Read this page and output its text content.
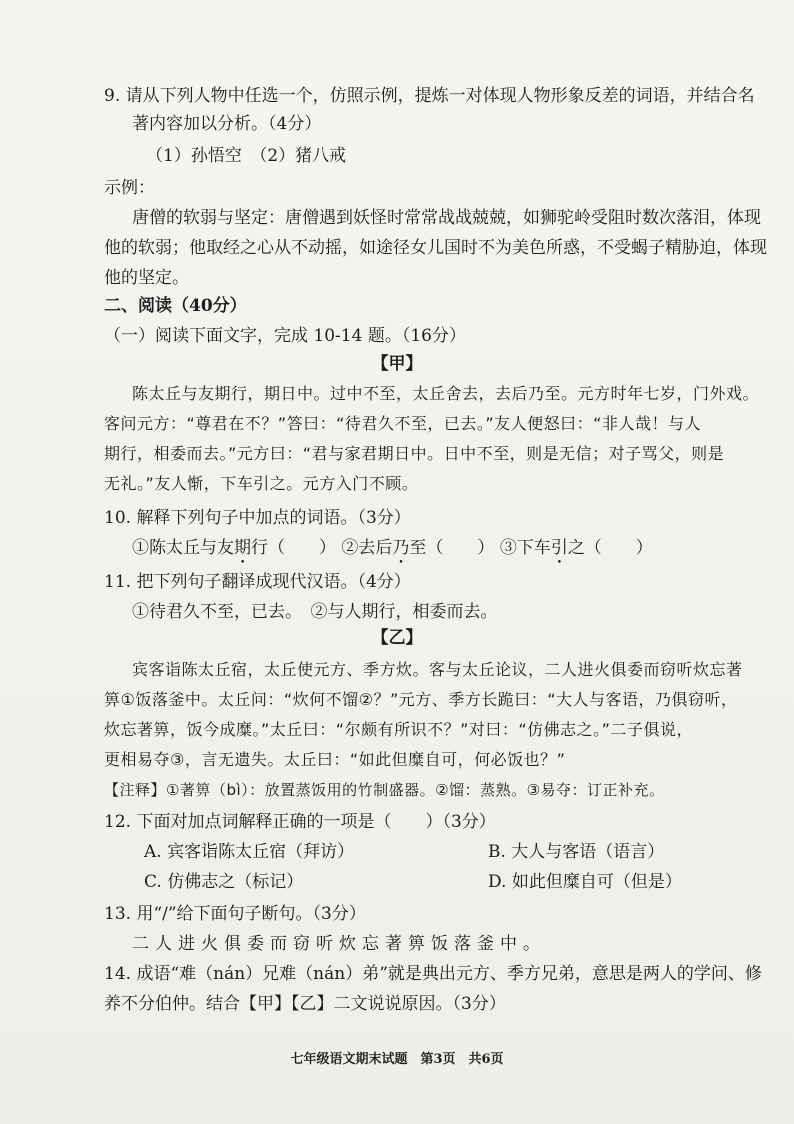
9. 请从下列人物中任选一个，仿照示例，提炼一对体现人物形象反差的词语，并结合名
著内容加以分析。（4分）
（1）孙悟空　（2）猪八戒
示例：
唐僧的软弱与坚定：唐僧遇到妖怪时常常战战兢兢，如狮驼岭受阻时数次落泪，体现
他的软弱；他取经之心从不动摇，如途径女儿国时不为美色所惑，不受蝎子精胁迫，体现
他的坚定。
二、阅读（40分）
（一）阅读下面文字，完成 10-14 题。（16分）
【甲】
陈太丘与友期行，期日中。过中不至，太丘舍去，去后乃至。元方时年七岁，门外戏。
客问元方：“尊君在不？”答曰：“待君久不至，已去。”友人便怒曰：“非人哉！与人
期行，相委而去。”元方曰：“君与家君期日中。日中不至，则是无信；对子骂父，则是
无礼。”友人惭，下车引之。元方入门不顾。
10. 解释下列句子中加点的词语。（3分）
①陈太丘与友期行（　　） ②去后乃至（　　） ③下车引之（　　）
11. 把下列句子翻译成现代汉语。（4分）
①待君久不至，已去。　②与人期行，相委而去。
【乙】
宾客诣陈太丘宿，太丘使元方、季方炊。客与太丘论议，二人进火俱委而窃听炊忘著
箅①饭落釜中。太丘问：“炊何不馏②？”元方、季方长跪曰：“大人与客语，乃俱窃听，
炊忘著箅，饭今成糜。”太丘曰：“尔颇有所识不？”对曰：“仿佛志之。”二子俱说，
更相易夺③，言无遗失。太丘曰：“如此但糜自可，何必饭也？”
【注释】①著箅（bì）：放置蒸饭用的竹制盛器。②馏：蒸熟。③易夺：订正补充。
12. 下面对加点词解释正确的一项是（　　）（3分）
A. 宾客诣陈太丘宿（拜访）	B. 大人与客语（语言）
C. 仿佛志之（标记）	D. 如此但糜自可（但是）
13. 用“/”给下面句子断句。（3分）
二人进火俱委而窃听炊忘著箅饭落釜中。
14. 成语“难（nán）兄难（nán）弟”就是典出元方、季方兄弟，意思是两人的学问、修
养不分伯仲。结合【甲】【乙】二文说说原因。（3分）
七年级语文期末试题　第3页　共6页
